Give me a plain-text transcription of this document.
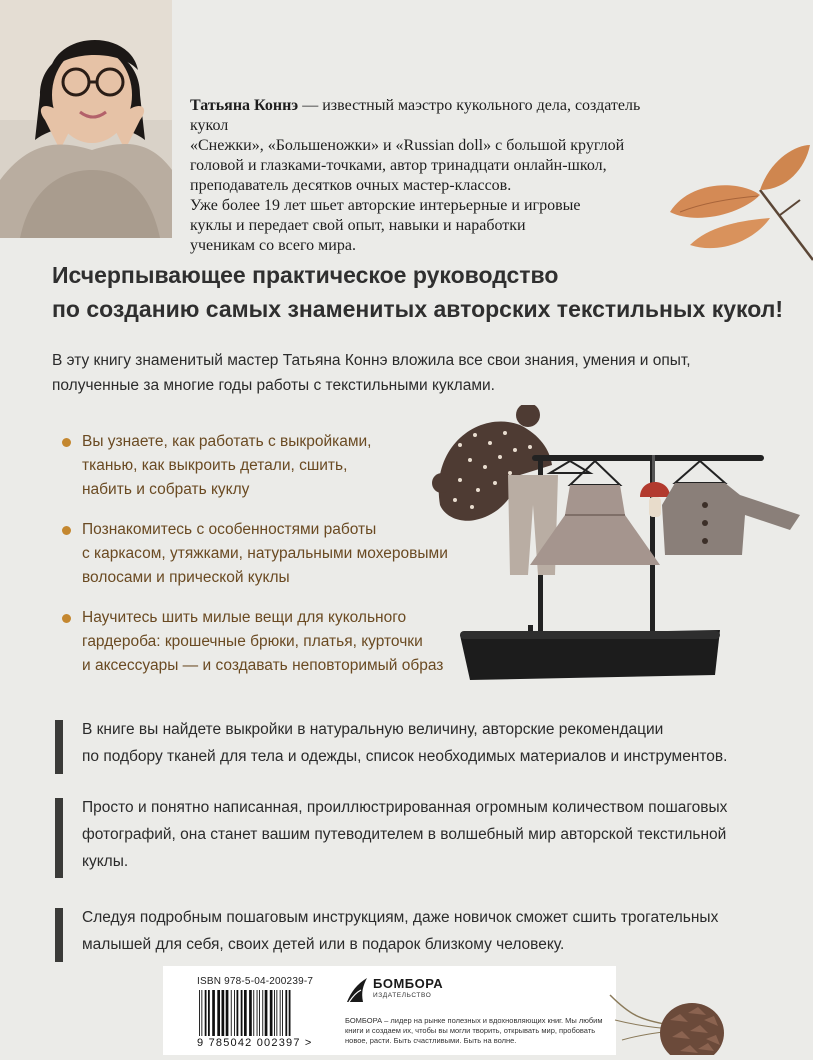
Татьяна Коннэ — известный маэстро кукольного дела, создатель кукол
«Снежки», «Большеножки» и «Russian doll» с большой круглой
головой и глазками-точками, автор тринадцати онлайн-школ,
преподаватель десятков очных мастер-классов.
Уже более 19 лет шьет авторские интерьерные и игровые
куклы и передает свой опыт, навыки и наработки
ученикам со всего мира.
Исчерпывающее практическое руководство
по созданию самых знаменитых авторских текстильных кукол!
В эту книгу знаменитый мастер Татьяна Коннэ вложила все свои знания, умения и опыт,
полученные за многие годы работы с текстильными куклами.
Вы узнаете, как работать с выкройками,
тканью, как выкроить детали, сшить,
набить и собрать куклу
Познакомитесь с особенностями работы
с каркасом, утяжками, натуральными мохеровыми
волосами и прической куклы
Научитесь шить милые вещи для кукольного
гардероба: крошечные брюки, платья, курточки
и аксессуары — и создавать неповторимый образ
В книге вы найдете выкройки в натуральную величину, авторские рекомендации
по подбору тканей для тела и одежды, список необходимых материалов и инструментов.
Просто и понятно написанная, проиллюстрированная огромным количеством пошаговых
фотографий, она станет вашим путеводителем в волшебный мир авторской текстильной
куклы.
Следуя подробным пошаговым инструкциям, даже новичок сможет сшить трогательных
малышей для себя, своих детей или в подарок близкому человеку.
ISBN 978-5-04-200239-7
9 785042 002397 >
БОМБОРА
ИЗДАТЕЛЬСТВО
БОМБОРА – лидер на рынке полезных и вдохновляющих книг. Мы любим книги и создаем их, чтобы вы могли творить, открывать мир, пробовать новое, расти. Быть счастливыми. Быть на волне.
